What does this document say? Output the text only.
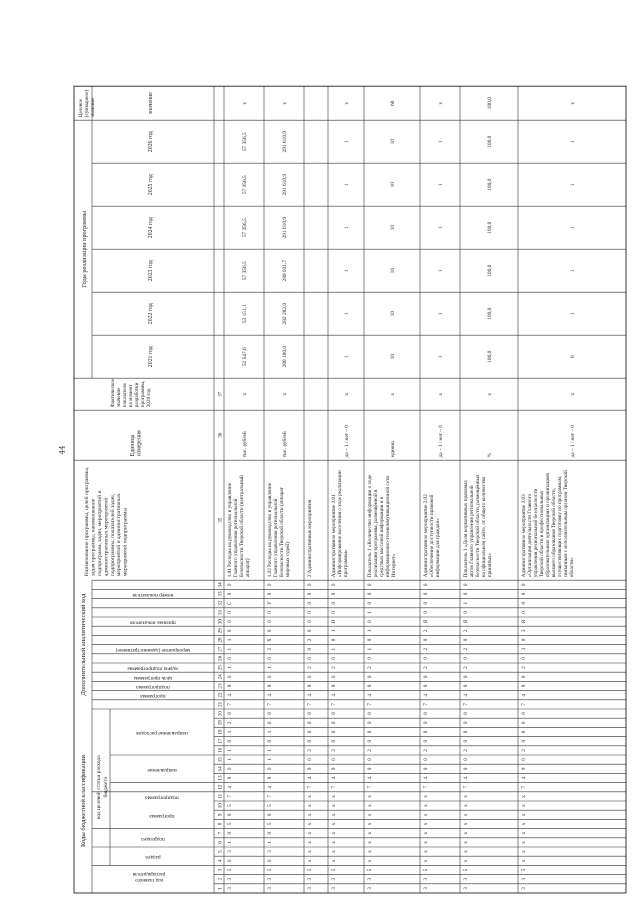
44
Коды бюджетной классификации
Дополнительный аналитический код
код целевой статьи расхода бюджета
код главного
распорядителя
раздел
подраздел
программа
подпрограмма
направление
направление расходов
программа
подпрограмма
цель программы
задача подпрограммы
мероприятие (административное)
признак показателя
номер показателя
Наименование программы, целей программы,задач программы, наименованиеподпрограмм, задач, мероприятий иадминистративных мероприятийподпрограммы, показателей задач,мероприятий и административныхмероприятий подпрограммы
Единицаизмерения
Фактическоезначениепоказателяна моментразработкипрограммы,2020 год
Годы реализации программы
2021 год
2022 год
2023 год
2024 год
2025 год
2026 год
Целевое(суммарное)значение	значение
1
2
3
4
5
6
7
8
9
10
11
12
13
14
15
16
17
18
19
20
21
22
23
24
25
26
27
28
29
30
31
32
33
34
35
36
37
3
3
5
0
3
1
0
5
0
5
7
4
9
0
1
1
0
1
2
0
7
4
9
0
1
0
1
1
0
0
0
С
0
0
1.01 Расходы на руководство и управлениеГлавного управления региональнойбезопасности Тверской области (центральныйаппарат)
тыс. рублей
х
52 547,6
53 151,1
57 356,5
57 356,5
57 356,5
57 356,5
х
3
3
5
0
3
1
0
5
0
5
7
4
9
0
1
1
0
1
6
0
7
4
9
0
1
0
2
Х
0
0
0
У
0
0
1.02 Расходы на руководство и управлениеГлавного управления региональнойбезопасности Тверской области (аппаратмировых судей)
тыс. рублей
х
280 160,0
282 282,0
289 931,7
291 610,9
291 610,9
291 610,9
х
3
3
5
х
х
х
х
х
х
х
х
7
4
9
0
2
0
0
0
0
7
4
9
0
2
0
0
2
0
0
0
0
0
0
2 Административные мероприятия
3
3
5
х
х
х
х
х
х
х
х
7
4
9
0
2
0
0
0
0
7
4
9
0
2
0
1
0
1
Я
0
0
0
0
Административное мероприятие 2.01«Информирование населения о ходе реализациипрограммы»
да – 1 / нет – 0
х
1
1
1
1
1
1
х
3
3
5
х
х
х
х
х
х
х
х
7
4
9
0
2
0
0
0
0
7
4
9
0
2
0
1
0
1
0
1
0
0
0
Показатель 1 «Количество информации о ходереализации программы, размещённой всредствах массовой информации и винформационно-телекоммуникационной сетиИнтернет»
единиц
х
10
10
10
10
10
10
60
3
3
5
х
х
х
х
х
х
х
х
7
4
9
0
2
0
0
0
0
7
4
9
0
2
0
2
0
2
Я
0
0
0
0
Административное мероприятие 2.02«Обеспечение доступности правовойинформации для граждан»
да – 1 / нет – 0
х
1
1
1
1
1
1
х
3
3
5
х
х
х
х
х
х
х
х
7
4
9
0
2
0
0
0
0
7
4
9
0
2
0
2
0
2
Я
0
1
0
0
Показатель 1 «Доля нормативных правовыхактов Главного управления региональнойбезопасности Тверской области, размещённыхна официальном сайте, от общего количествапринятых»
%
х
100,0
100,0
100,0
100,0
100,0
100,0
100,0
3
3
5
х
х
х
х
х
х
х
х
7
4
9
0
2
0
0
0
0
7
4
9
0
2
0
3
0
3
Я
0
0
0
0
Административное мероприятие 2.03«Организация деятельности Главногоуправления региональной безопасностиТверской области в профессиональныхобразовательных организациях и организацияхвысшего образования Тверской области,осуществляющих подготовку по программам,связанным с исполнительным органом Тверскойобласти»
да – 1 / нет – 0
х
0
1
1
1
1
1
х
